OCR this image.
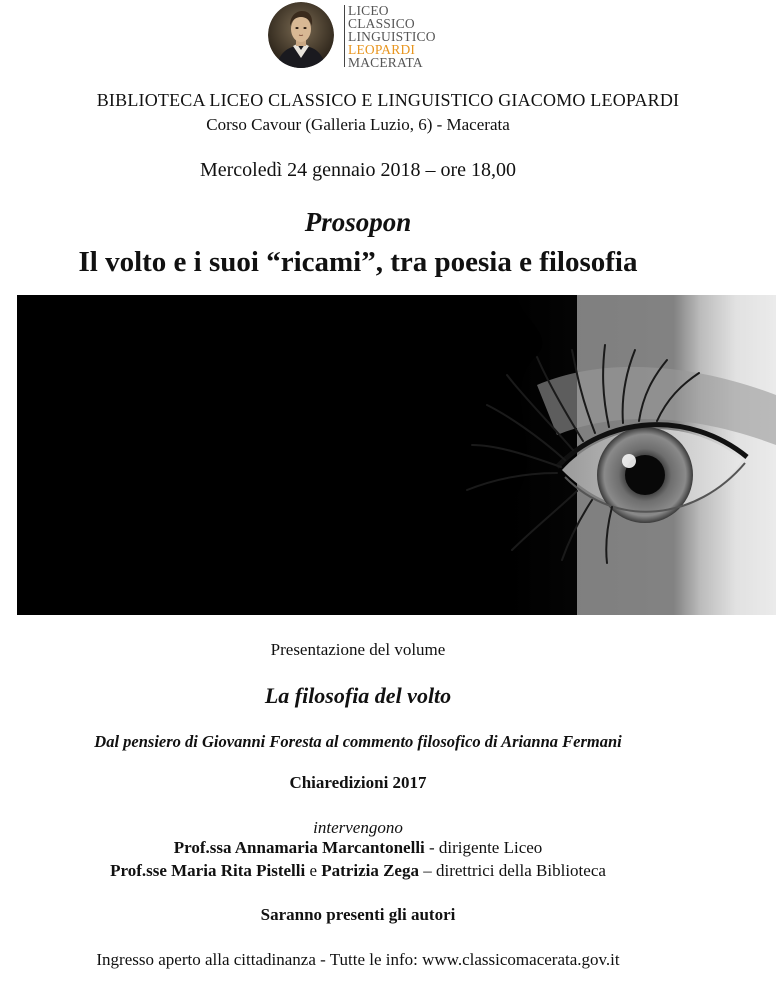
LICEO
CLASSICO
LINGUISTICO
LEOPARDI
MACERATA
BIBLIOTECA LICEO CLASSICO E LINGUISTICO GIACOMO LEOPARDI
Corso Cavour (Galleria Luzio, 6) - Macerata
Mercoledì 24 gennaio 2018 – ore 18,00
Prosopon
Il volto e i suoi “ricami”, tra poesia e filosofia
Presentazione del volume
La filosofia del volto
Dal pensiero di Giovanni Foresta al commento filosofico di Arianna Fermani
Chiaredizioni 2017
intervengono
Prof.ssa Annamaria Marcantonelli - dirigente Liceo
Prof.sse Maria Rita Pistelli e Patrizia Zega – direttrici della Biblioteca
Saranno presenti gli autori
Ingresso aperto alla cittadinanza - Tutte le info: www.classicomacerata.gov.it
